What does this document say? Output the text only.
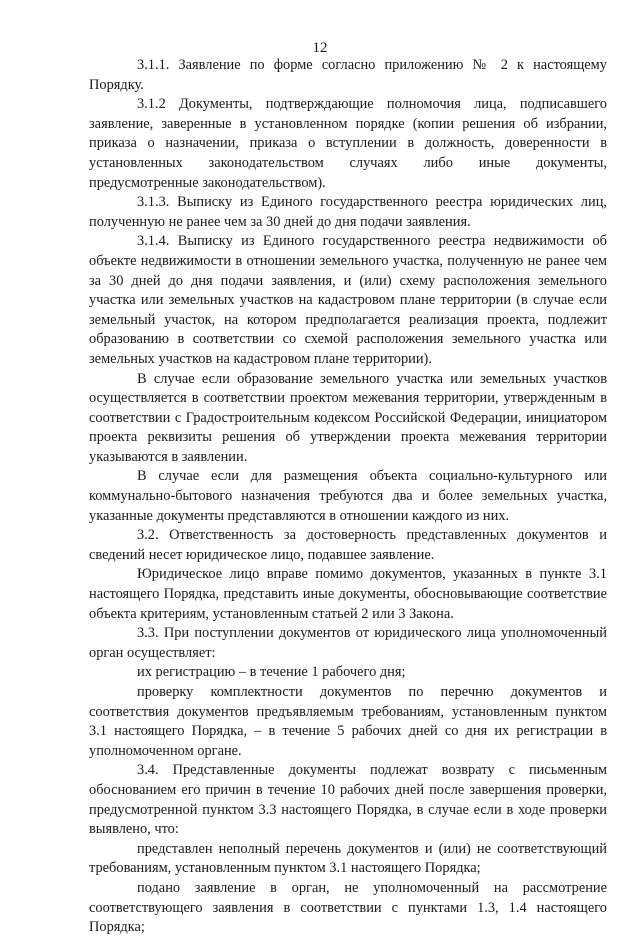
12

3.1.1. Заявление по форме согласно приложению № 2 к настоящему Порядку.

3.1.2 Документы, подтверждающие полномочия лица, подписавшего заявление, заверенные в установленном порядке (копии решения об избрании, приказа о назначении, приказа о вступлении в должность, доверенности в установленных законодательством случаях либо иные документы, предусмотренные законодательством).

3.1.3. Выписку из Единого государственного реестра юридических лиц, полученную не ранее чем за 30 дней до дня подачи заявления.

3.1.4. Выписку из Единого государственного реестра недвижимости об объекте недвижимости в отношении земельного участка, полученную не ранее чем за 30 дней до дня подачи заявления, и (или) схему расположения земельного участка или земельных участков на кадастровом плане территории (в случае если земельный участок, на котором предполагается реализация проекта, подлежит образованию в соответствии со схемой расположения земельного участка или земельных участков на кадастровом плане территории).

В случае если образование земельного участка или земельных участков осуществляется в соответствии проектом межевания территории, утвержденным в соответствии с Градостроительным кодексом Российской Федерации, инициатором проекта реквизиты решения об утверждении проекта межевания территории указываются в заявлении.

В случае если для размещения объекта социально-культурного или коммунально-бытового назначения требуются два и более земельных участка, указанные документы представляются в отношении каждого из них.

3.2. Ответственность за достоверность представленных документов и сведений несет юридическое лицо, подавшее заявление.

Юридическое лицо вправе помимо документов, указанных в пункте 3.1 настоящего Порядка, представить иные документы, обосновывающие соответствие объекта критериям, установленным статьей 2 или 3 Закона.

3.3. При поступлении документов от юридического лица уполномоченный орган осуществляет:

их регистрацию – в течение 1 рабочего дня;

проверку комплектности документов по перечню документов и соответствия документов предъявляемым требованиям, установленным пунктом 3.1 настоящего Порядка, – в течение 5 рабочих дней со дня их регистрации в уполномоченном органе.

3.4. Представленные документы подлежат возврату с письменным обоснованием его причин в течение 10 рабочих дней после завершения проверки, предусмотренной пунктом 3.3 настоящего Порядка, в случае если в ходе проверки выявлено, что:

представлен неполный перечень документов и (или) не соответствующий требованиям, установленным пунктом 3.1 настоящего Порядка;

подано заявление в орган, не уполномоченный на рассмотрение соответствующего заявления в соответствии с пунктами 1.3, 1.4 настоящего Порядка;
